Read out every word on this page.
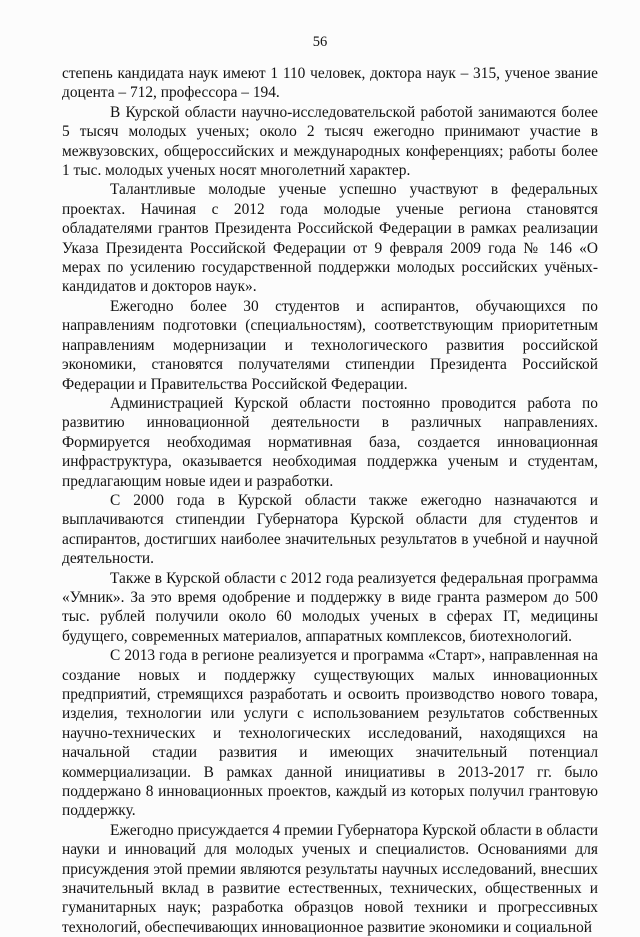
56

степень кандидата наук имеют 1 110 человек, доктора наук – 315, ученое звание доцента – 712, профессора – 194.

В Курской области научно-исследовательской работой занимаются более 5 тысяч молодых ученых; около 2 тысяч ежегодно принимают участие в межвузовских, общероссийских и международных конференциях; работы более 1 тыс. молодых ученых носят многолетний характер.

Талантливые молодые ученые успешно участвуют в федеральных проектах. Начиная с 2012 года молодые ученые региона становятся обладателями грантов Президента Российской Федерации в рамках реализации Указа Президента Российской Федерации от 9 февраля 2009 года № 146 «О мерах по усилению государственной поддержки молодых российских учёных-кандидатов и докторов наук».

Ежегодно более 30 студентов и аспирантов, обучающихся по направлениям подготовки (специальностям), соответствующим приоритетным направлениям модернизации и технологического развития российской экономики, становятся получателями стипендии Президента Российской Федерации и Правительства Российской Федерации.

Администрацией Курской области постоянно проводится работа по развитию инновационной деятельности в различных направлениях. Формируется необходимая нормативная база, создается инновационная инфраструктура, оказывается необходимая поддержка ученым и студентам, предлагающим новые идеи и разработки.

С 2000 года в Курской области также ежегодно назначаются и выплачиваются стипендии Губернатора Курской области для студентов и аспирантов, достигших наиболее значительных результатов в учебной и научной деятельности.

Также в Курской области с 2012 года реализуется федеральная программа «Умник». За это время одобрение и поддержку в виде гранта размером до 500 тыс. рублей получили около 60 молодых ученых в сферах IT, медицины будущего, современных материалов, аппаратных комплексов, биотехнологий.

С 2013 года в регионе реализуется и программа «Старт», направленная на создание новых и поддержку существующих малых инновационных предприятий, стремящихся разработать и освоить производство нового товара, изделия, технологии или услуги с использованием результатов собственных научно-технических и технологических исследований, находящихся на начальной стадии развития и имеющих значительный потенциал коммерциализации. В рамках данной инициативы в 2013-2017 гг. было поддержано 8 инновационных проектов, каждый из которых получил грантовую поддержку.

Ежегодно присуждается 4 премии Губернатора Курской области в области науки и инноваций для молодых ученых и специалистов. Основаниями для присуждения этой премии являются результаты научных исследований, внесших значительный вклад в развитие естественных, технических, общественных и гуманитарных наук; разработка образцов новой техники и прогрессивных технологий, обеспечивающих инновационное развитие экономики и социальной
